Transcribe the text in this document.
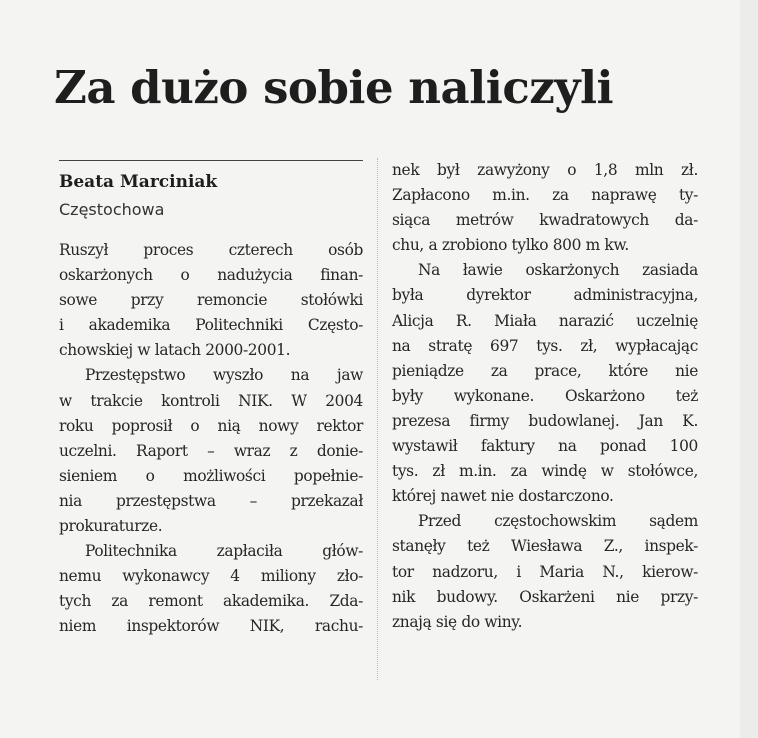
Za dużo sobie naliczyli
Beata Marciniak
Częstochowa
Ruszył proces czterech osób
oskarżonych o nadużycia finan-
sowe przy remoncie stołówki
i akademika Politechniki Często-
chowskiej w latach 2000-2001.
Przestępstwo wyszło na jaw
w trakcie kontroli NIK. W 2004
roku poprosił o nią nowy rektor
uczelni. Raport – wraz z donie-
sieniem o możliwości popełnie-
nia przestępstwa – przekazał
prokuraturze.
Politechnika zapłaciła głów-
nemu wykonawcy 4 miliony zło-
tych za remont akademika. Zda-
niem inspektorów NIK, rachu-
nek był zawyżony o 1,8 mln zł.
Zapłacono m.in. za naprawę ty-
siąca metrów kwadratowych da-
chu, a zrobiono tylko 800 m kw.
Na ławie oskarżonych zasiada
była dyrektor administracyjna,
Alicja R. Miała narazić uczelnię
na stratę 697 tys. zł, wypłacając
pieniądze za prace, które nie
były wykonane. Oskarżono też
prezesa firmy budowlanej. Jan K.
wystawił faktury na ponad 100
tys. zł m.in. za windę w stołówce,
której nawet nie dostarczono.
Przed częstochowskim sądem
stanęły też Wiesława Z., inspek-
tor nadzoru, i Maria N., kierow-
nik budowy. Oskarżeni nie przy-
znają się do winy.
